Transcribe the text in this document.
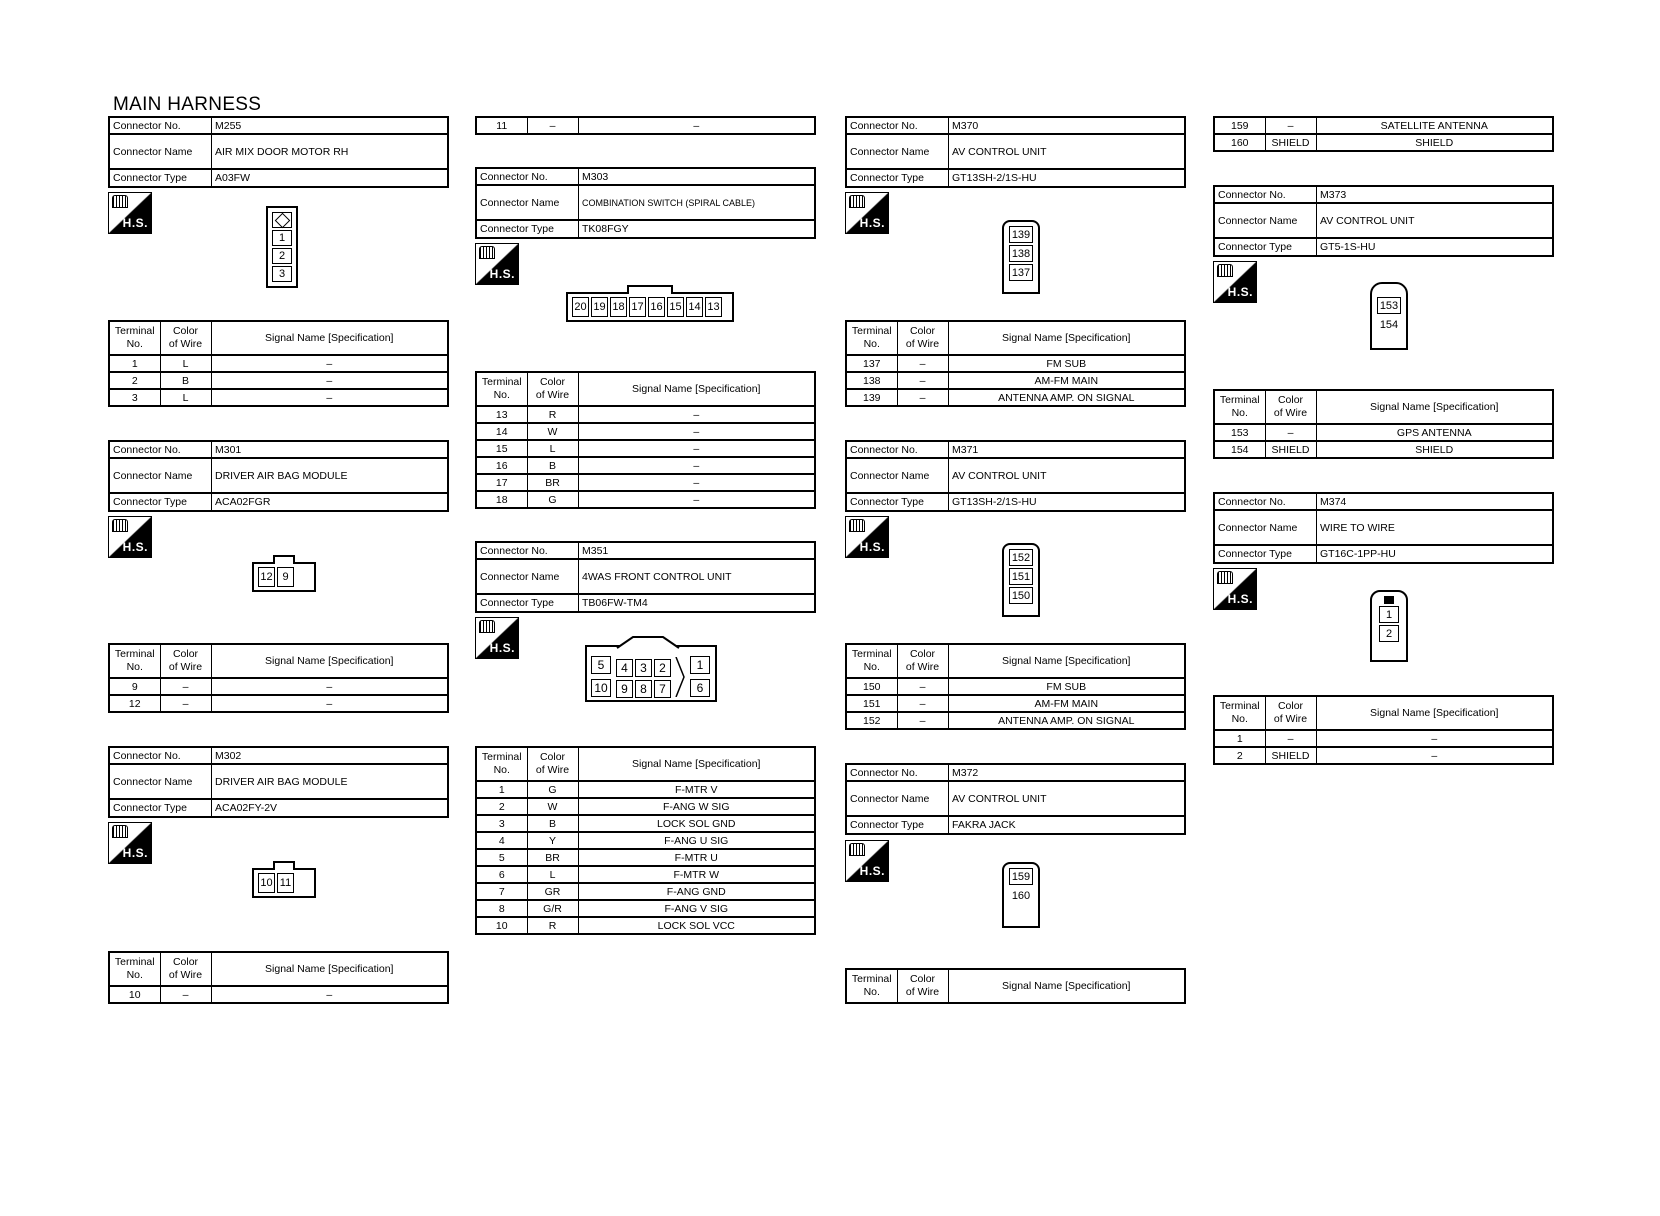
MAIN HARNESS
Connector No.	M255
Connector Name	AIR MIX DOOR MOTOR RH
Connector Type	A03FW
H.S.
1
2
3
Terminal
No.	Color
of Wire	Signal Name [Specification]
1	L	–
2	B	–
3	L	–
Connector No.	M301
Connector Name	DRIVER AIR BAG MODULE
Connector Type	ACA02FGR
H.S.
12 9
Terminal
No.	Color
of Wire	Signal Name [Specification]
9	–	–
12	–	–
Connector No.	M302
Connector Name	DRIVER AIR BAG MODULE
Connector Type	ACA02FY-2V
H.S.
10 11
Terminal
No.	Color
of Wire	Signal Name [Specification]
10	–	–
11	–	–
Connector No.	M303
Connector Name	COMBINATION SWITCH (SPIRAL CABLE)
Connector Type	TK08FGY
H.S.
20 19 18 17 16 15 14 13
Terminal
No.	Color
of Wire	Signal Name [Specification]
13	R	–
14	W	–
15	L	–
16	B	–
17	BR	–
18	G	–
Connector No.	M351
Connector Name	4WAS FRONT CONTROL UNIT
Connector Type	TB06FW-TM4
H.S.
5	4	3	2	1
10	9	8	7	6
Terminal
No.	Color
of Wire	Signal Name [Specification]
1	G	F-MTR V
2	W	F-ANG W SIG
3	B	LOCK SOL GND
4	Y	F-ANG U SIG
5	BR	F-MTR U
6	L	F-MTR W
7	GR	F-ANG GND
8	G/R	F-ANG V SIG
10	R	LOCK SOL VCC
Connector No.	M370
Connector Name	AV CONTROL UNIT
Connector Type	GT13SH-2/1S-HU
H.S.
139
138
137
Terminal
No.	Color
of Wire	Signal Name [Specification]
137	–	FM SUB
138	–	AM-FM MAIN
139	–	ANTENNA AMP. ON SIGNAL
Connector No.	M371
Connector Name	AV CONTROL UNIT
Connector Type	GT13SH-2/1S-HU
H.S.
152
151
150
Terminal
No.	Color
of Wire	Signal Name [Specification]
150	–	FM SUB
151	–	AM-FM MAIN
152	–	ANTENNA AMP. ON SIGNAL
Connector No.	M372
Connector Name	AV CONTROL UNIT
Connector Type	FAKRA JACK
H.S.	159
160
Terminal
No.	Color
of Wire	Signal Name [Specification]
159	–	SATELLITE ANTENNA
160	SHIELD	SHIELD
Connector No.	M373
Connector Name	AV CONTROL UNIT
Connector Type	GT5-1S-HU
H.S.
153
154
Terminal
No.	Color
of Wire	Signal Name [Specification]
153	–	GPS ANTENNA
154	SHIELD	SHIELD
Connector No.	M374
Connector Name	WIRE TO WIRE
Connector Type	GT16C-1PP-HU
H.S.
1
2
Terminal
No.	Color
of Wire	Signal Name [Specification]
1	–	–
2	SHIELD	–
